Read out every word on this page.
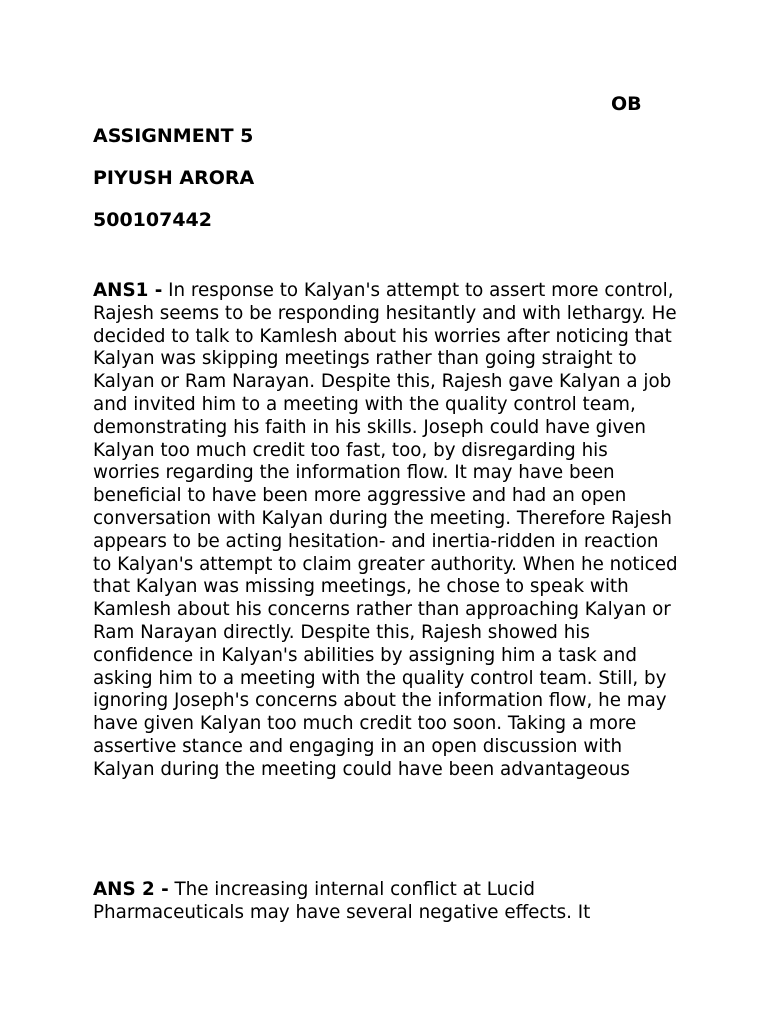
OB
ASSIGNMENT 5
PIYUSH ARORA
500107442

ANS1 - In response to Kalyan's attempt to assert more control, Rajesh seems to be responding hesitantly and with lethargy. He decided to talk to Kamlesh about his worries after noticing that Kalyan was skipping meetings rather than going straight to Kalyan or Ram Narayan. Despite this, Rajesh gave Kalyan a job and invited him to a meeting with the quality control team, demonstrating his faith in his skills. Joseph could have given Kalyan too much credit too fast, too, by disregarding his worries regarding the information flow. It may have been beneficial to have been more aggressive and had an open conversation with Kalyan during the meeting. Therefore Rajesh appears to be acting hesitation- and inertia-ridden in reaction to Kalyan's attempt to claim greater authority. When he noticed that Kalyan was missing meetings, he chose to speak with Kamlesh about his concerns rather than approaching Kalyan or Ram Narayan directly. Despite this, Rajesh showed his confidence in Kalyan's abilities by assigning him a task and asking him to a meeting with the quality control team. Still, by ignoring Joseph's concerns about the information flow, he may have given Kalyan too much credit too soon. Taking a more assertive stance and engaging in an open discussion with Kalyan during the meeting could have been advantageous

ANS 2 - The increasing internal conflict at Lucid Pharmaceuticals may have several negative effects. It
